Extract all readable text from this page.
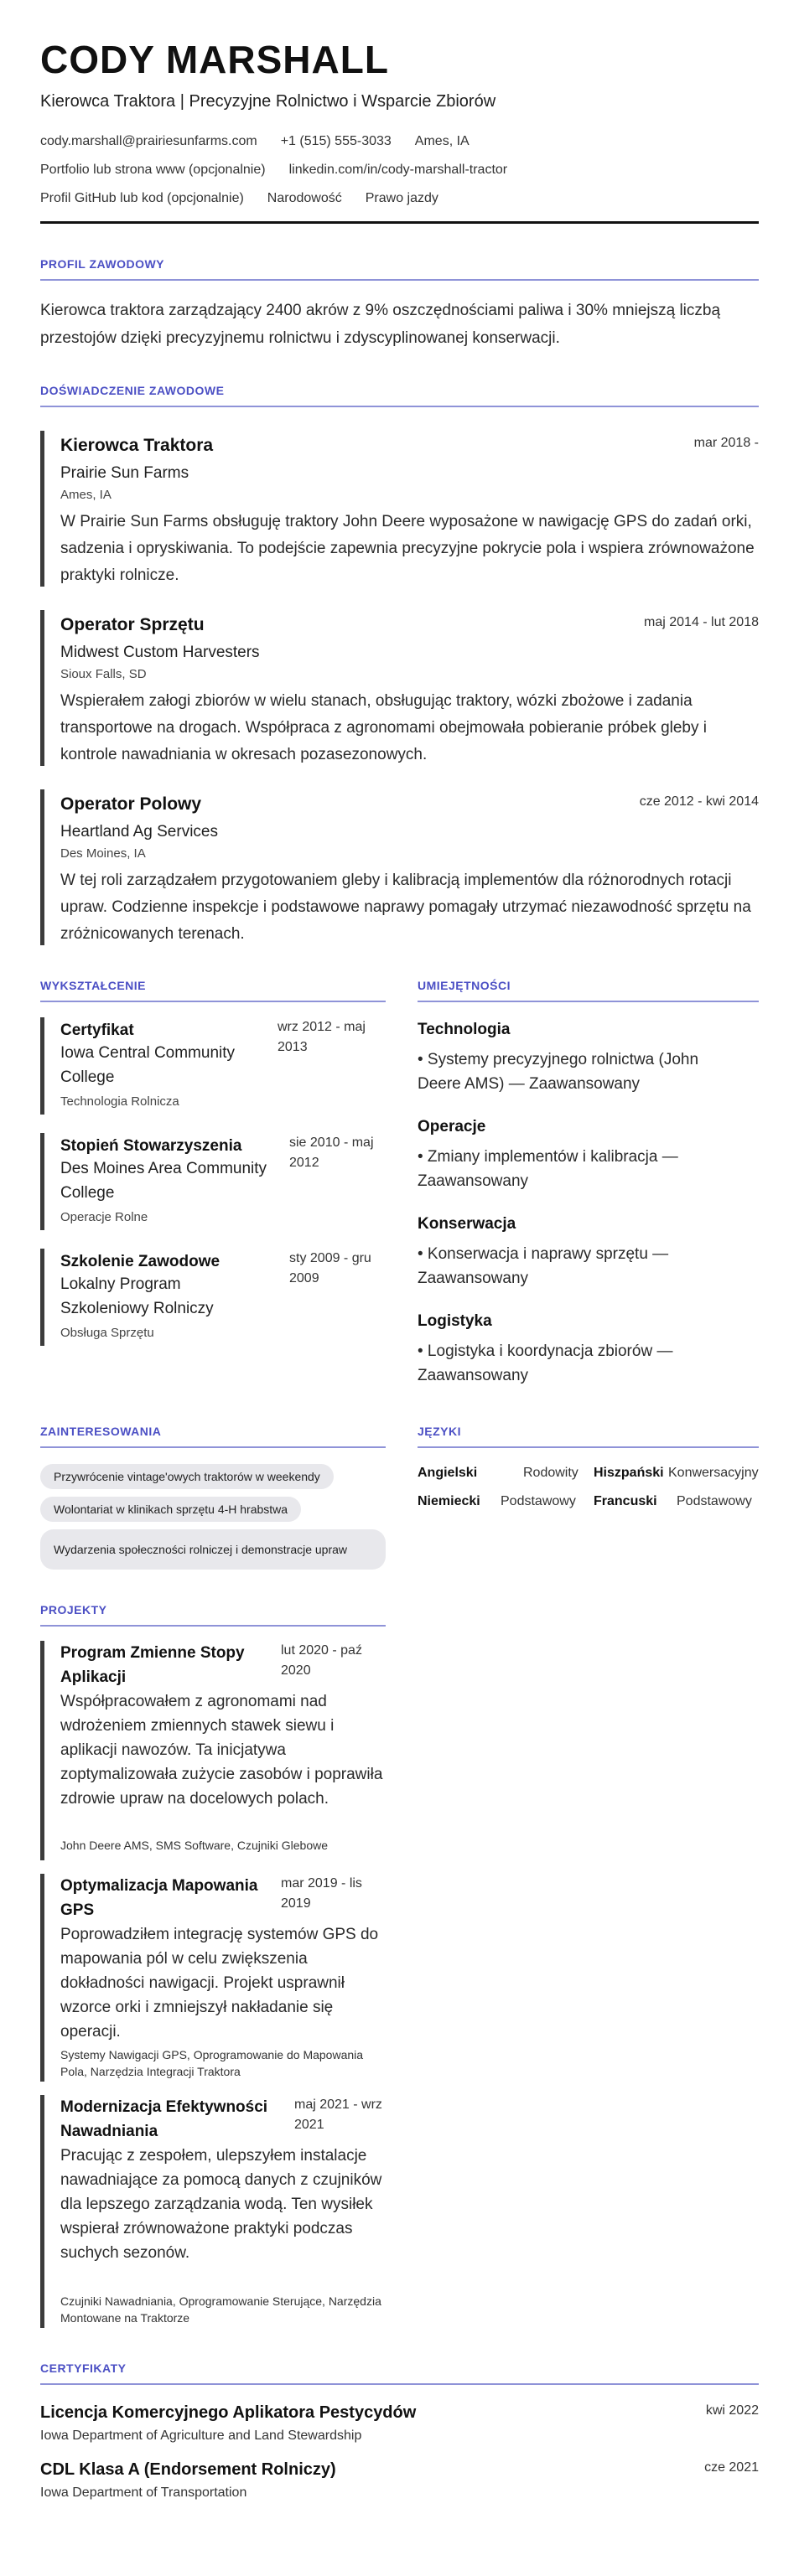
CODY MARSHALL
Kierowca Traktora | Precyzyjne Rolnictwo i Wsparcie Zbiorów
cody.marshall@prairiesunfarms.com +1 (515) 555-3033 Ames, IA
Portfolio lub strona www (opcjonalnie) linkedin.com/in/cody-marshall-tractor
Profil GitHub lub kod (opcjonalnie) Narodowość Prawo jazdy
PROFIL ZAWODOWY
Kierowca traktora zarządzający 2400 akrów z 9% oszczędnościami paliwa i 30% mniejszą liczbą przestojów dzięki precyzyjnemu rolnictwu i zdyscyplinowanej konserwacji.
DOŚWIADCZENIE ZAWODOWE
Kierowca Traktora	mar 2018 -
Prairie Sun Farms
Ames, IA
W Prairie Sun Farms obsługuję traktory John Deere wyposażone w nawigację GPS do zadań orki, sadzenia i opryskiwania. To podejście zapewnia precyzyjne pokrycie pola i wspiera zrównoważone praktyki rolnicze.
Operator Sprzętu	maj 2014 - lut 2018
Midwest Custom Harvesters
Sioux Falls, SD
Wspierałem załogi zbiorów w wielu stanach, obsługując traktory, wózki zbożowe i zadania transportowe na drogach. Współpraca z agronomami obejmowała pobieranie próbek gleby i kontrole nawadniania w okresach pozasezonowych.
Operator Polowy	cze 2012 - kwi 2014
Heartland Ag Services
Des Moines, IA
W tej roli zarządzałem przygotowaniem gleby i kalibracją implementów dla różnorodnych rotacji upraw. Codzienne inspekcje i podstawowe naprawy pomagały utrzymać niezawodność sprzętu na zróżnicowanych terenach.
WYKSZTAŁCENIE
Certyfikat	wrz 2012 - maj 2013
Iowa Central Community College
Technologia Rolnicza
Stopień Stowarzyszenia	sie 2010 - maj 2012
Des Moines Area Community College
Operacje Rolne
Szkolenie Zawodowe	sty 2009 - gru 2009
Lokalny Program Szkoleniowy Rolniczy
Obsługa Sprzętu
UMIEJĘTNOŚCI
Technologia
• Systemy precyzyjnego rolnictwa (John Deere AMS) — Zaawansowany
Operacje
• Zmiany implementów i kalibracja — Zaawansowany
Konserwacja
• Konserwacja i naprawy sprzętu — Zaawansowany
Logistyka
• Logistyka i koordynacja zbiorów — Zaawansowany
ZAINTERESOWANIA
Przywrócenie vintage'owych traktorów w weekendy
Wolontariat w klinikach sprzętu 4-H hrabstwa
Wydarzenia społeczności rolniczej i demonstracje upraw
JĘZYKI
Angielski	Rodowity Hiszpański Konwersacyjny
Niemiecki Podstawowy Francuski Podstawowy
PROJEKTY
Program Zmienne Stopy Aplikacji
lut 2020 - paź 2020
Współpracowałem z agronomami nad wdrożeniem zmiennych stawek siewu i aplikacji nawozów. Ta inicjatywa zoptymalizowała zużycie zasobów i poprawiła zdrowie upraw na docelowych polach.
John Deere AMS, SMS Software, Czujniki Glebowe
Optymalizacja Mapowania GPS
mar 2019 - lis 2019
Poprowadziłem integrację systemów GPS do mapowania pól w celu zwiększenia dokładności nawigacji. Projekt usprawnił wzorce orki i zmniejszył nakładanie się operacji.
Systemy Nawigacji GPS, Oprogramowanie do Mapowania Pola, Narzędzia Integracji Traktora
Modernizacja Efektywności Nawadniania
maj 2021 - wrz 2021
Pracując z zespołem, ulepszyłem instalacje nawadniające za pomocą danych z czujników dla lepszego zarządzania wodą. Ten wysiłek wspierał zrównoważone praktyki podczas suchych sezonów.
Czujniki Nawadniania, Oprogramowanie Sterujące, Narzędzia Montowane na Traktorze
CERTYFIKATY
Licencja Komercyjnego Aplikatora Pestycydów	kwi 2022
Iowa Department of Agriculture and Land Stewardship
CDL Klasa A (Endorsement Rolniczy)	cze 2021
Iowa Department of Transportation
